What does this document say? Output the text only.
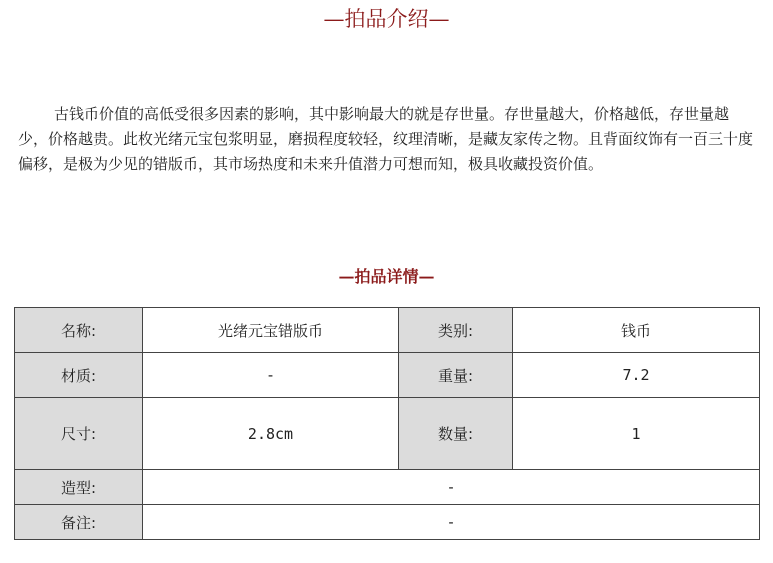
—拍品介绍—

古钱币价值的高低受很多因素的影响，其中影响最大的就是存世量。存世量越大，价格越低，存世量越少，价格越贵。此枚光绪元宝包浆明显，磨损程度较轻，纹理清晰，是藏友家传之物。且背面纹饰有一百三十度偏移，是极为少见的错版币，其市场热度和未来升值潜力可想而知，极具收藏投资价值。

—拍品详情—
名称:	光绪元宝错版币	类别:	钱币
材质:	-	重量:	7.2
尺寸:	2.8cm	数量:	1
造型:	-		
备注:	-		
